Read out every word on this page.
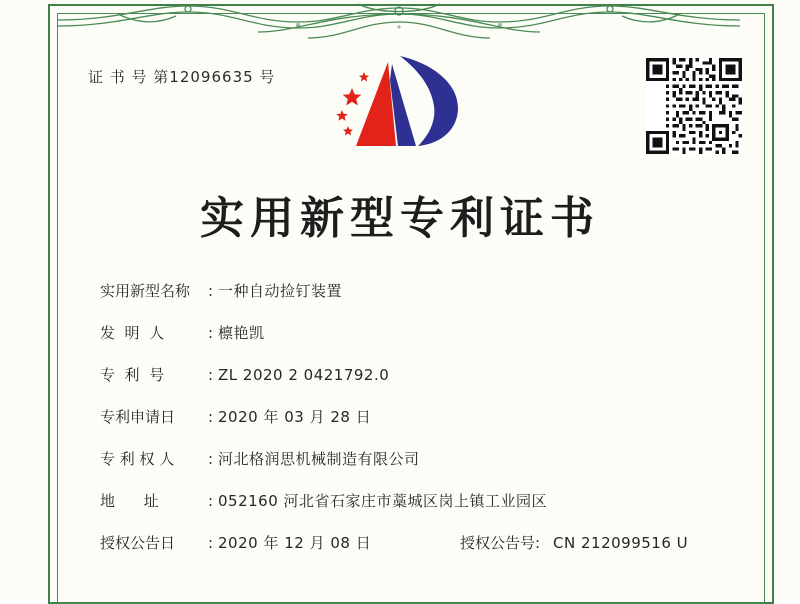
证 书 号 第12096635 号
实用新型专利证书
实用新型名称	: 一种自动捡钉装置
发  明  人	: 檩艳凯
专  利  号	: ZL 2020 2 0421792.0
专利申请日	: 2020 年 03 月 28 日
专 利 权 人	: 河北格润思机械制造有限公司
地      址	: 052160 河北省石家庄市藁城区岗上镇工业园区
授权公告日	: 2020 年 12 月 08 日	授权公告号 : CN 212099516 U
